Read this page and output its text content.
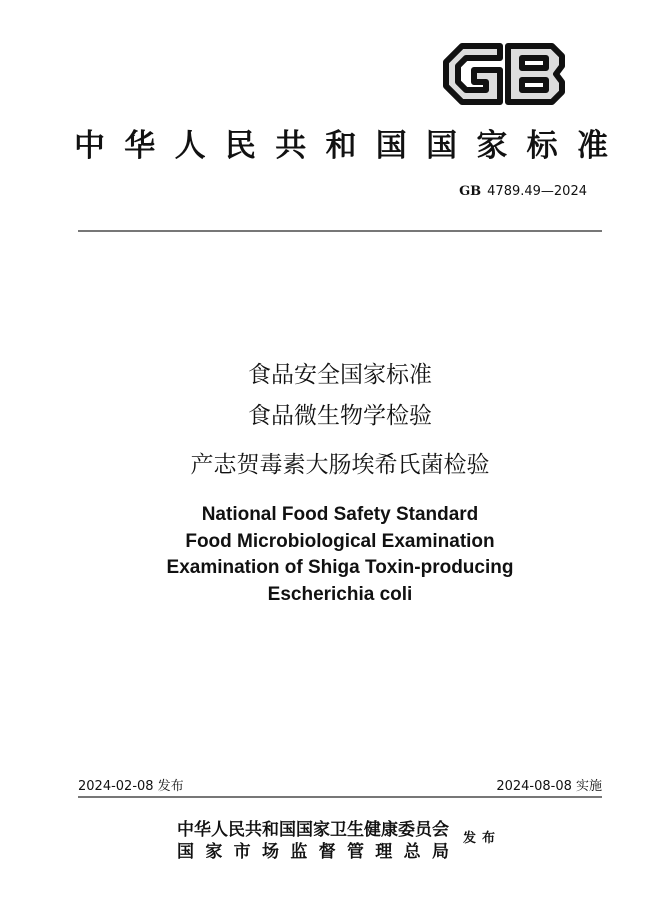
中 华 人 民 共 和 国 国 家 标 准
GB 4789.49—2024
食品安全国家标准
食品微生物学检验
产志贺毒素大肠埃希氏菌检验
National Food Safety Standard
Food Microbiological Examination
Examination of Shiga Toxin-producing
Escherichia coli
2024-02-08 发布	2024-08-08 实施
中华人民共和国国家卫生健康委员会
国 家 市 场 监 督 管 理 总 局
发布
